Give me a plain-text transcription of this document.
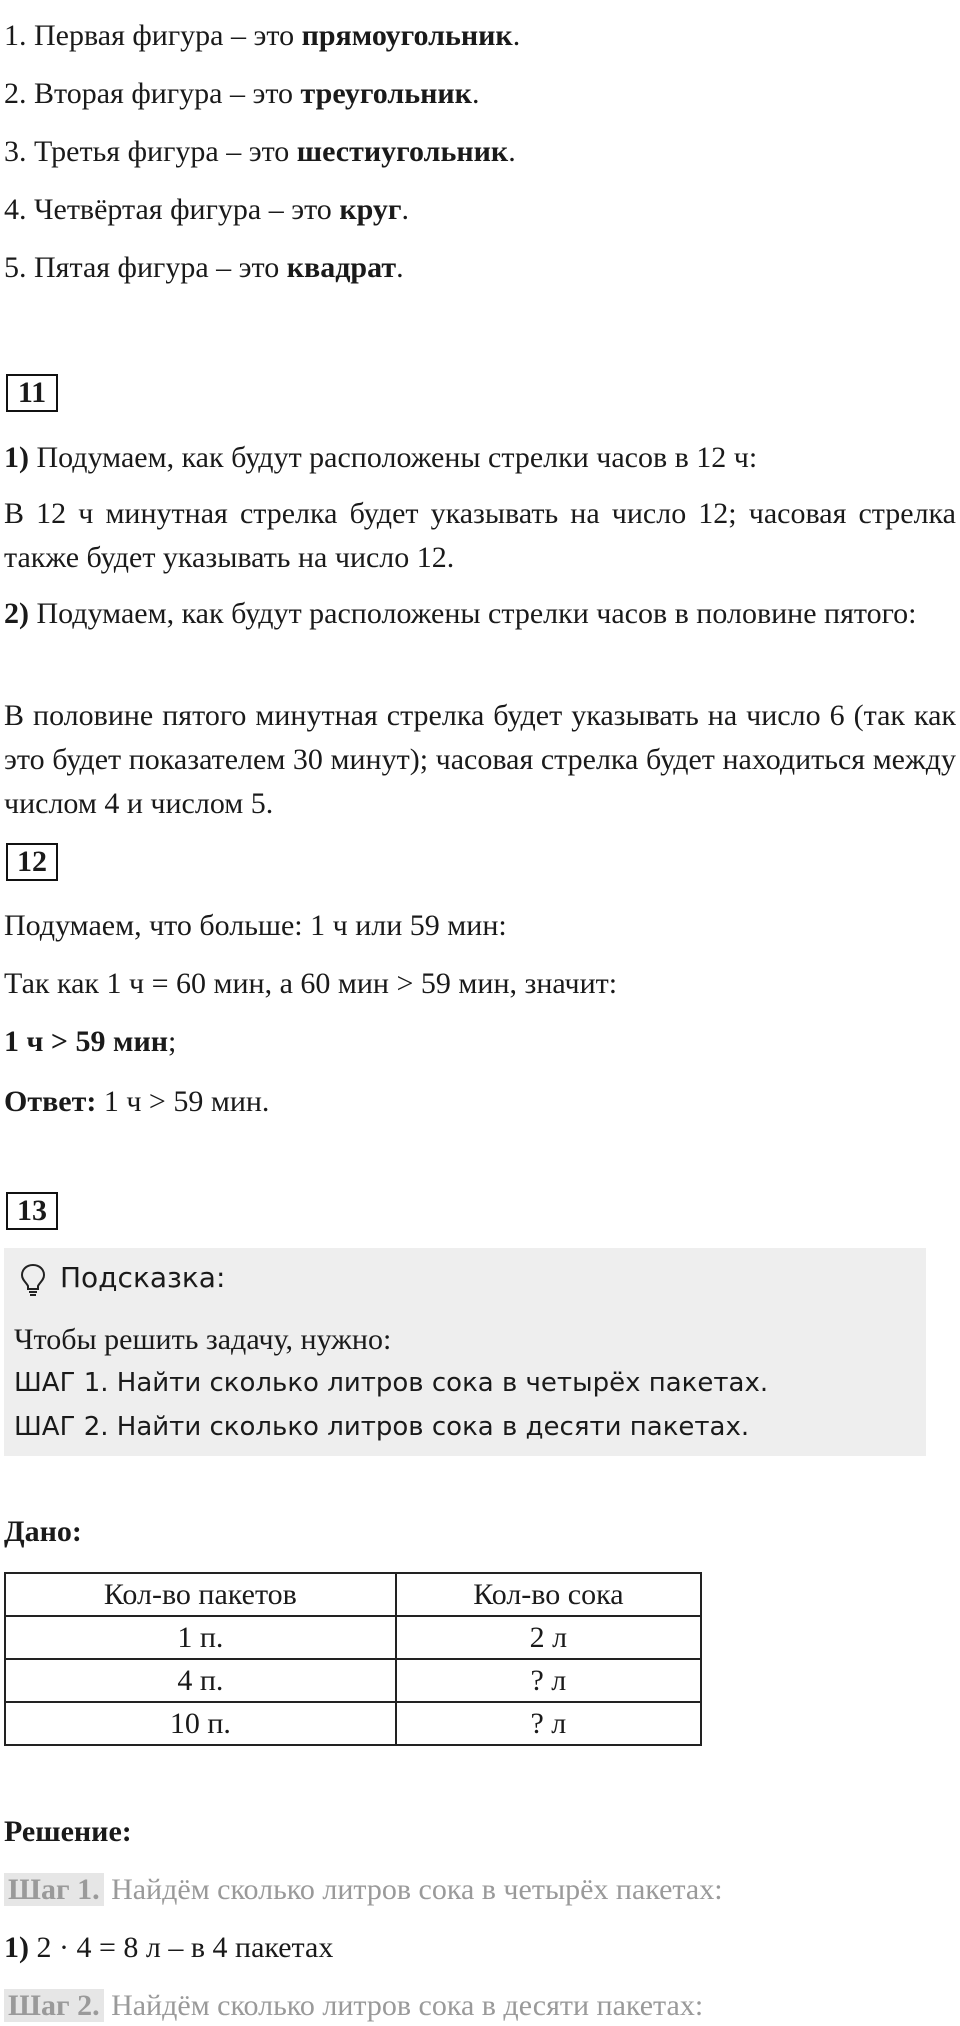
1. Первая фигура – это прямоугольник.
2. Вторая фигура – это треугольник.
3. Третья фигура – это шестиугольник.
4. Четвёртая фигура – это круг.
5. Пятая фигура – это квадрат.
11
1) Подумаем, как будут расположены стрелки часов в 12 ч:
В 12 ч минутная стрелка будет указывать на число 12; часовая стрелка также будет указывать на число 12.
2) Подумаем, как будут расположены стрелки часов в половине пятого:
В половине пятого минутная стрелка будет указывать на число 6 (так как это будет показателем 30 минут); часовая стрелка будет находиться между числом 4 и числом 5.
12
Подумаем, что больше: 1 ч или 59 мин:
Так как 1 ч = 60 мин, а 60 мин > 59 мин, значит:
1 ч > 59 мин;
Ответ: 1 ч > 59 мин.
13
Подсказка:
Чтобы решить задачу, нужно:
ШАГ 1. Найти сколько литров сока в четырёх пакетах.
ШАГ 2. Найти сколько литров сока в десяти пакетах.
Дано:
Кол-во пакетов	Кол-во сока
1 п.	2 л
4 п.	? л
10 п.	? л
Решение:
Шаг 1. Найдём сколько литров сока в четырёх пакетах:
1) 2 · 4 = 8 л – в 4 пакетах
Шаг 2. Найдём сколько литров сока в десяти пакетах:
